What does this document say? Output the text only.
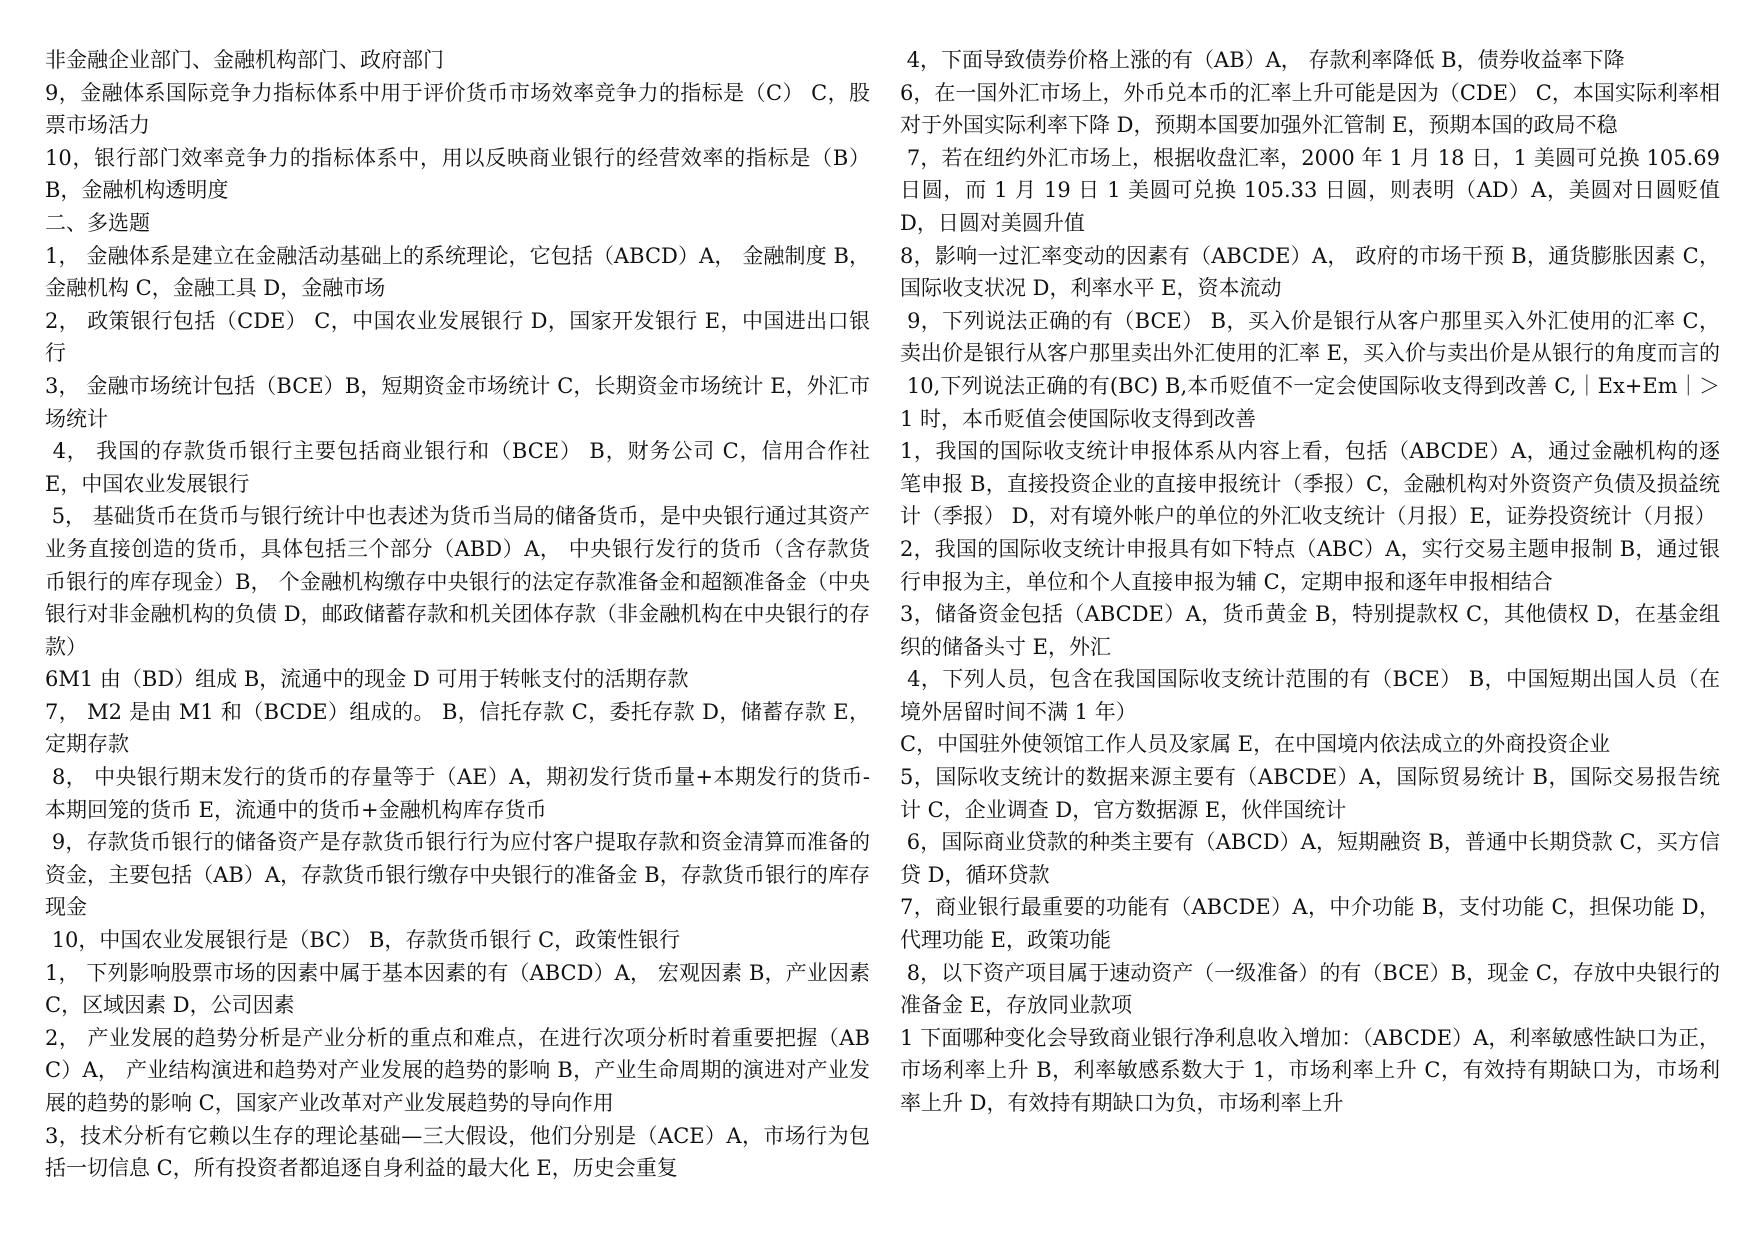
非金融企业部门、金融机构部门、政府部门

9，金融体系国际竞争力指标体系中用于评价货币市场效率竞争力的指标是（C） C，股票市场活力

10，银行部门效率竞争力的指标体系中，用以反映商业银行的经营效率的指标是（B） B，金融机构透明度

二、多选题

1， 金融体系是建立在金融活动基础上的系统理论，它包括（ABCD）A， 金融制度 B，金融机构 C，金融工具 D，金融市场

2， 政策银行包括（CDE） C，中国农业发展银行 D，国家开发银行 E，中国进出口银行

3， 金融市场统计包括（BCE）B，短期资金市场统计 C，长期资金市场统计 E，外汇市场统计

4， 我国的存款货币银行主要包括商业银行和（BCE） B，财务公司 C，信用合作社 E，中国农业发展银行

5， 基础货币在货币与银行统计中也表述为货币当局的储备货币，是中央银行通过其资产业务直接创造的货币，具体包括三个部分（ABD）A， 中央银行发行的货币（含存款货币银行的库存现金）B， 个金融机构缴存中央银行的法定存款准备金和超额准备金（中央银行对非金融机构的负债 D，邮政储蓄存款和机关团体存款（非金融机构在中央银行的存款）

6M1 由（BD）组成 B，流通中的现金 D 可用于转帐支付的活期存款

7， M2 是由 M1 和（BCDE）组成的。 B，信托存款 C，委托存款 D，储蓄存款 E，定期存款

8， 中央银行期末发行的货币的存量等于（AE）A，期初发行货币量+本期发行的货币-本期回笼的货币 E，流通中的货币+金融机构库存货币

9，存款货币银行的储备资产是存款货币银行行为应付客户提取存款和资金清算而准备的资金，主要包括（AB）A，存款货币银行缴存中央银行的准备金 B，存款货币银行的库存现金

10，中国农业发展银行是（BC） B，存款货币银行 C，政策性银行

1， 下列影响股票市场的因素中属于基本因素的有（ABCD）A， 宏观因素 B，产业因素 C，区域因素 D，公司因素

2， 产业发展的趋势分析是产业分析的重点和难点，在进行次项分析时着重要把握（ABC）A， 产业结构演进和趋势对产业发展的趋势的影响 B，产业生命周期的演进对产业发展的趋势的影响 C，国家产业改革对产业发展趋势的导向作用

3，技术分析有它赖以生存的理论基础—三大假设，他们分别是（ACE）A，市场行为包括一切信息 C，所有投资者都追逐自身利益的最大化 E，历史会重复

4，下面导致债券价格上涨的有（AB）A， 存款利率降低 B，债券收益率下降

6，在一国外汇市场上，外币兑本币的汇率上升可能是因为（CDE） C，本国实际利率相对于外国实际利率下降 D，预期本国要加强外汇管制 E，预期本国的政局不稳

7，若在纽约外汇市场上，根据收盘汇率，2000 年 1 月 18 日，1 美圆可兑换 105.69 日圆，而 1 月 19 日 1 美圆可兑换 105.33 日圆，则表明（AD）A，美圆对日圆贬值 D，日圆对美圆升值

8，影响一过汇率变动的因素有（ABCDE）A， 政府的市场干预 B，通货膨胀因素 C，国际收支状况 D，利率水平 E，资本流动

9，下列说法正确的有（BCE） B，买入价是银行从客户那里买入外汇使用的汇率 C，卖出价是银行从客户那里卖出外汇使用的汇率 E，买入价与卖出价是从银行的角度而言的

10,下列说法正确的有(BC) B,本币贬值不一定会使国际收支得到改善 C,｜Ex+Em｜＞1 时，本币贬值会使国际收支得到改善

1，我国的国际收支统计申报体系从内容上看，包括（ABCDE）A，通过金融机构的逐笔申报 B，直接投资企业的直接申报统计（季报）C，金融机构对外资资产负债及损益统计（季报） D，对有境外帐户的单位的外汇收支统计（月报）E，证券投资统计（月报）

2，我国的国际收支统计申报具有如下特点（ABC）A，实行交易主题申报制 B，通过银行申报为主，单位和个人直接申报为辅 C，定期申报和逐年申报相结合

3，储备资金包括（ABCDE）A，货币黄金 B，特别提款权 C，其他债权 D，在基金组织的储备头寸 E，外汇

4，下列人员，包含在我国国际收支统计范围的有（BCE） B，中国短期出国人员（在境外居留时间不满 1 年）

C，中国驻外使领馆工作人员及家属 E，在中国境内依法成立的外商投资企业

5，国际收支统计的数据来源主要有（ABCDE）A，国际贸易统计 B，国际交易报告统计 C，企业调查 D，官方数据源 E，伙伴国统计

6，国际商业贷款的种类主要有（ABCD）A，短期融资 B，普通中长期贷款 C，买方信贷 D，循环贷款

7，商业银行最重要的功能有（ABCDE）A，中介功能 B，支付功能 C，担保功能 D，代理功能 E，政策功能

8，以下资产项目属于速动资产（一级准备）的有（BCE）B，现金 C，存放中央银行的准备金 E，存放同业款项

1 下面哪种变化会导致商业银行净利息收入增加：（ABCDE）A，利率敏感性缺口为正，市场利率上升 B，利率敏感系数大于 1，市场利率上升 C，有效持有期缺口为，市场利率上升 D，有效持有期缺口为负，市场利率上升
